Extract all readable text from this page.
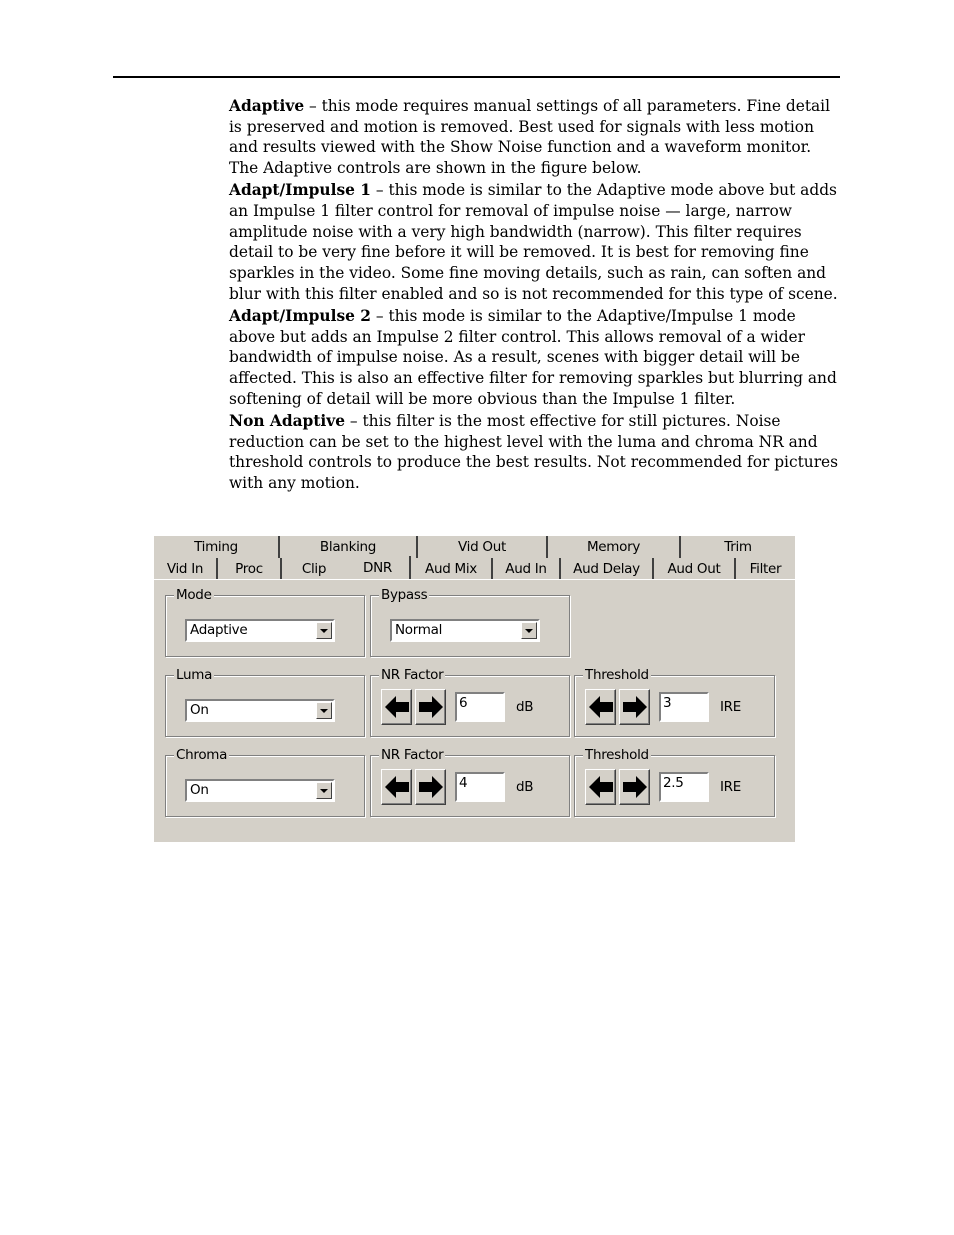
Adaptive – this mode requires manual settings of all parameters. Fine detail is preserved and motion is removed. Best used for signals with less motion and results viewed with the Show Noise function and a waveform monitor. The Adaptive controls are shown in the figure below.

Adapt/Impulse 1 – this mode is similar to the Adaptive mode above but adds an Impulse 1 filter control for removal of impulse noise — large, narrow amplitude noise with a very high bandwidth (narrow). This filter requires detail to be very fine before it will be removed. It is best for removing fine sparkles in the video. Some fine moving details, such as rain, can soften and blur with this filter enabled and so is not recommended for this type of scene.

Adapt/Impulse 2 – this mode is similar to the Adaptive/Impulse 1 mode above but adds an Impulse 2 filter control. This allows removal of a wider bandwidth of impulse noise. As a result, scenes with bigger detail will be affected. This is also an effective filter for removing sparkles but blurring and softening of detail will be more obvious than the Impulse 1 filter.

Non Adaptive – this filter is the most effective for still pictures. Noise reduction can be set to the highest level with the luma and chroma NR and threshold controls to produce the best results. Not recommended for pictures with any motion.

Timing	Blanking	Vid Out	Memory	Trim
Vid In Proc	Clip	DNR Aud Mix Aud In Aud Delay Aud Out Filter
Mode
Adaptive
Bypass
Normal
Luma
On
NR Factor
6	dB
Threshold
3	IRE
Chroma
On
NR Factor
4	dB
Threshold
2.5	IRE
